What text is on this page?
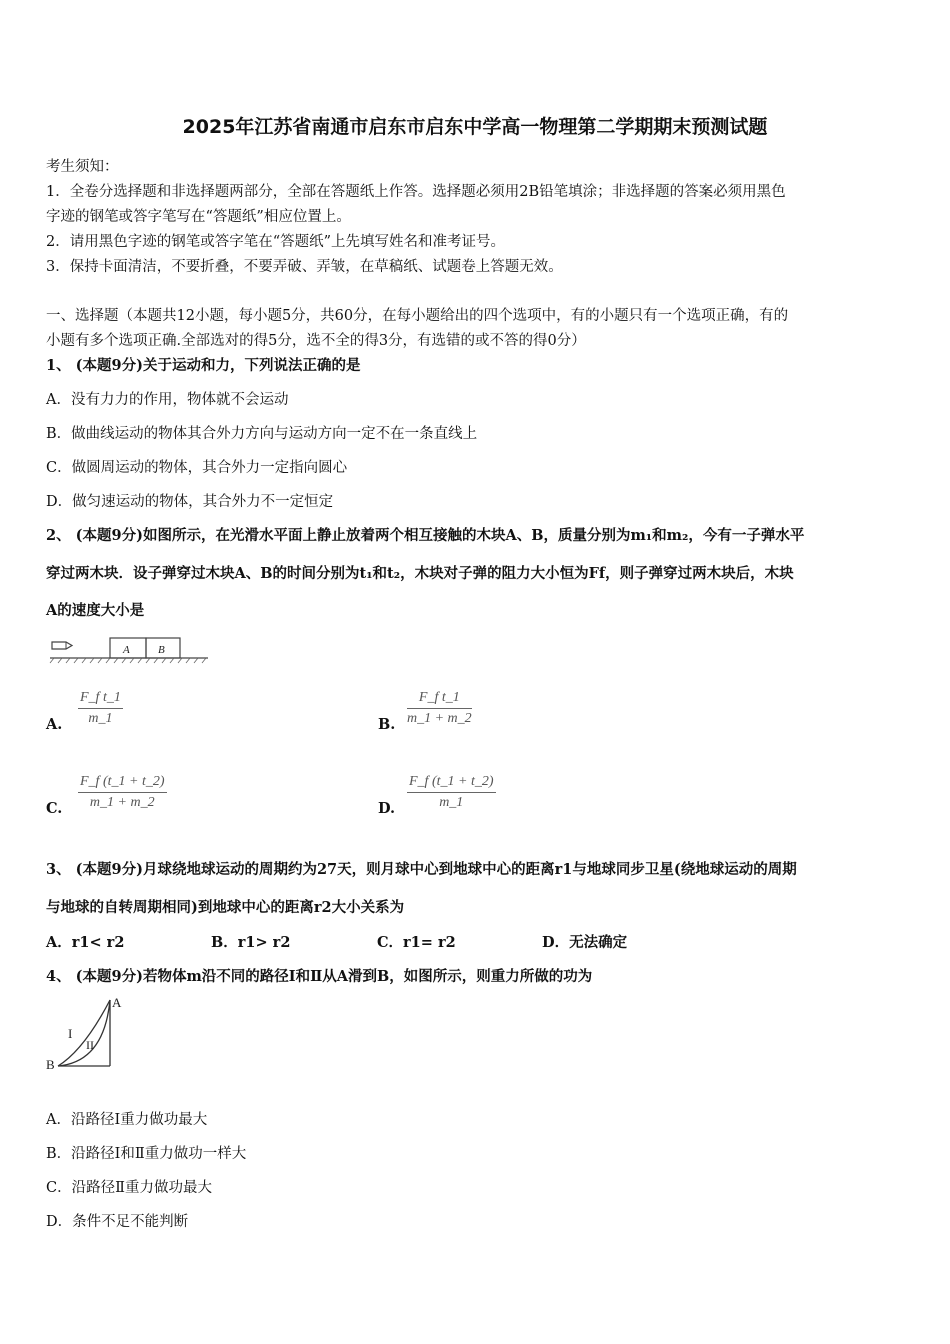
2025年江苏省南通市启东市启东中学高一物理第二学期期末预测试题
考生须知：
1．全卷分选择题和非选择题两部分，全部在答题纸上作答。选择题必须用2B铅笔填涂；非选择题的答案必须用黑色
字迹的钢笔或答字笔写在“答题纸”相应位置上。
2．请用黑色字迹的钢笔或答字笔在“答题纸”上先填写姓名和准考证号。
3．保持卡面清洁，不要折叠，不要弄破、弄皱，在草稿纸、试题卷上答题无效。
一、选择题（本题共12小题，每小题5分，共60分，在每小题给出的四个选项中，有的小题只有一个选项正确，有的
小题有多个选项正确.全部选对的得5分，选不全的得3分，有选错的或不答的得0分）
1、 (本题9分)关于运动和力，下列说法正确的是
A．没有力力的作用，物体就不会运动
B．做曲线运动的物体其合外力方向与运动方向一定不在一条直线上
C．做圆周运动的物体，其合外力一定指向圆心
D．做匀速运动的物体，其合外力不一定恒定
2、 (本题9分)如图所示，在光滑水平面上静止放着两个相互接触的木块A、B，质量分别为m₁和m₂，今有一子弹水平
穿过两木块．设子弹穿过木块A、B的时间分别为t₁和t₂，木块对子弹的阻力大小恒为Ff，则子弹穿过两木块后，木块
A的速度大小是
A	B
A. $\frac{\text{F\_f t\_1}}{m\_1}$	B. $\frac{\text{F\_f t\_1}}{m\_1 + m\_2}$
C. $\frac{F\_f (t\_1 + t\_2)}{m\_1 + m\_2}$	D. $\frac{F\_f (t\_1 + t\_2)}{m\_1}$
3、 (本题9分)月球绕地球运动的周期约为27天，则月球中心到地球中心的距离r1与地球同步卫星(绕地球运动的周期
与地球的自转周期相同)到地球中心的距离r2大小关系为
A．r1< r2	B．r1> r2	C．r1= r2	D．无法确定
4、 (本题9分)若物体m沿不同的路径Ⅰ和Ⅱ从A滑到B，如图所示，则重力所做的功为
A
B
I
II
A．沿路径Ⅰ重力做功最大
B．沿路径Ⅰ和Ⅱ重力做功一样大
C．沿路径Ⅱ重力做功最大
D．条件不足不能判断
